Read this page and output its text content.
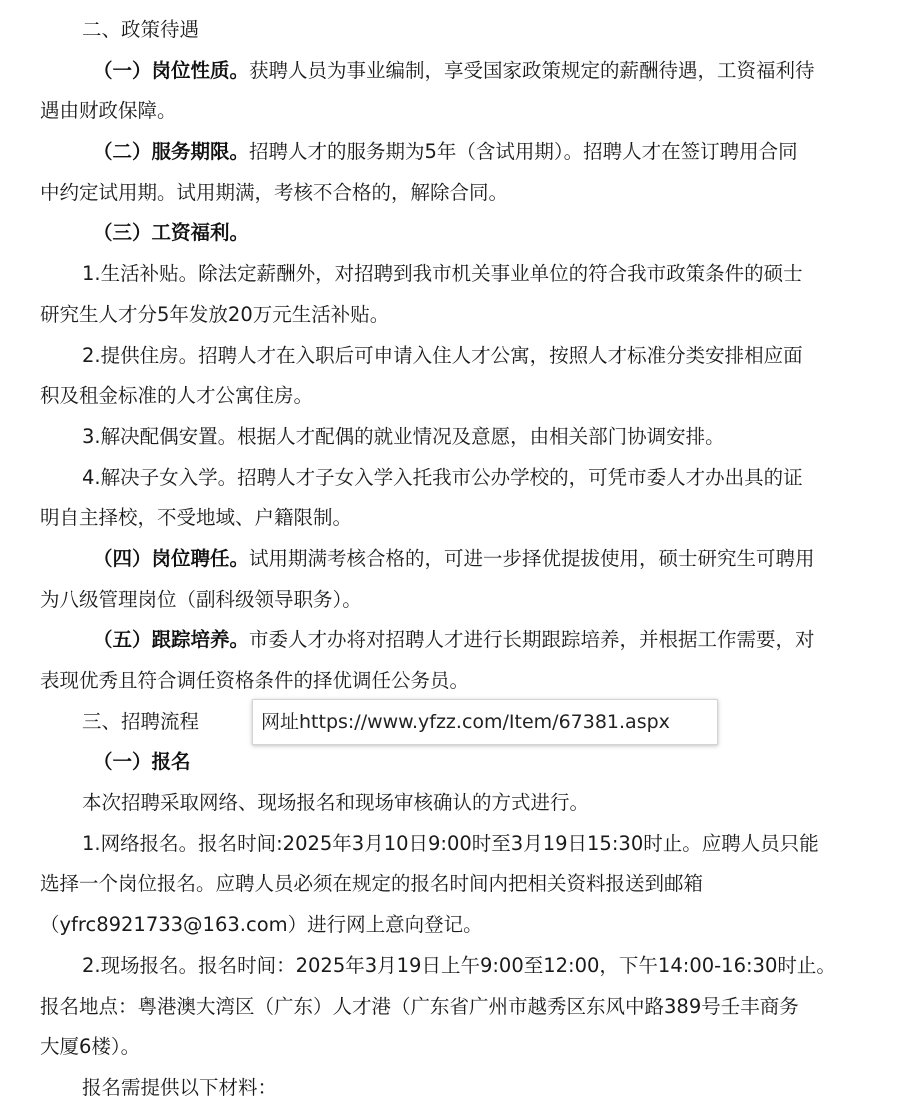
二、政策待遇
（一）岗位性质。获聘人员为事业编制，享受国家政策规定的薪酬待遇，工资福利待
遇由财政保障。
（二）服务期限。招聘人才的服务期为5年（含试用期）。招聘人才在签订聘用合同
中约定试用期。试用期满，考核不合格的，解除合同。
（三）工资福利。
1.生活补贴。除法定薪酬外，对招聘到我市机关事业单位的符合我市政策条件的硕士
研究生人才分5年发放20万元生活补贴。
2.提供住房。招聘人才在入职后可申请入住人才公寓，按照人才标准分类安排相应面
积及租金标准的人才公寓住房。
3.解决配偶安置。根据人才配偶的就业情况及意愿，由相关部门协调安排。
4.解决子女入学。招聘人才子女入学入托我市公办学校的，可凭市委人才办出具的证
明自主择校，不受地域、户籍限制。
（四）岗位聘任。试用期满考核合格的，可进一步择优提拔使用，硕士研究生可聘用
为八级管理岗位（副科级领导职务）。
（五）跟踪培养。市委人才办将对招聘人才进行长期跟踪培养，并根据工作需要，对
表现优秀且符合调任资格条件的择优调任公务员。
三、招聘流程
（一）报名
本次招聘采取网络、现场报名和现场审核确认的方式进行。
1.网络报名。报名时间:2025年3月10日9:00时至3月19日15:30时止。应聘人员只能
选择一个岗位报名。应聘人员必须在规定的报名时间内把相关资料报送到邮箱
（yfrc8921733@163.com）进行网上意向登记。
2.现场报名。报名时间：2025年3月19日上午9:00至12:00，下午14:00-16:30时止。
报名地点：粤港澳大湾区（广东）人才港（广东省广州市越秀区东风中路389号壬丰商务
大厦6楼）。
报名需提供以下材料：
网址https://www.yfzz.com/Item/67381.aspx
